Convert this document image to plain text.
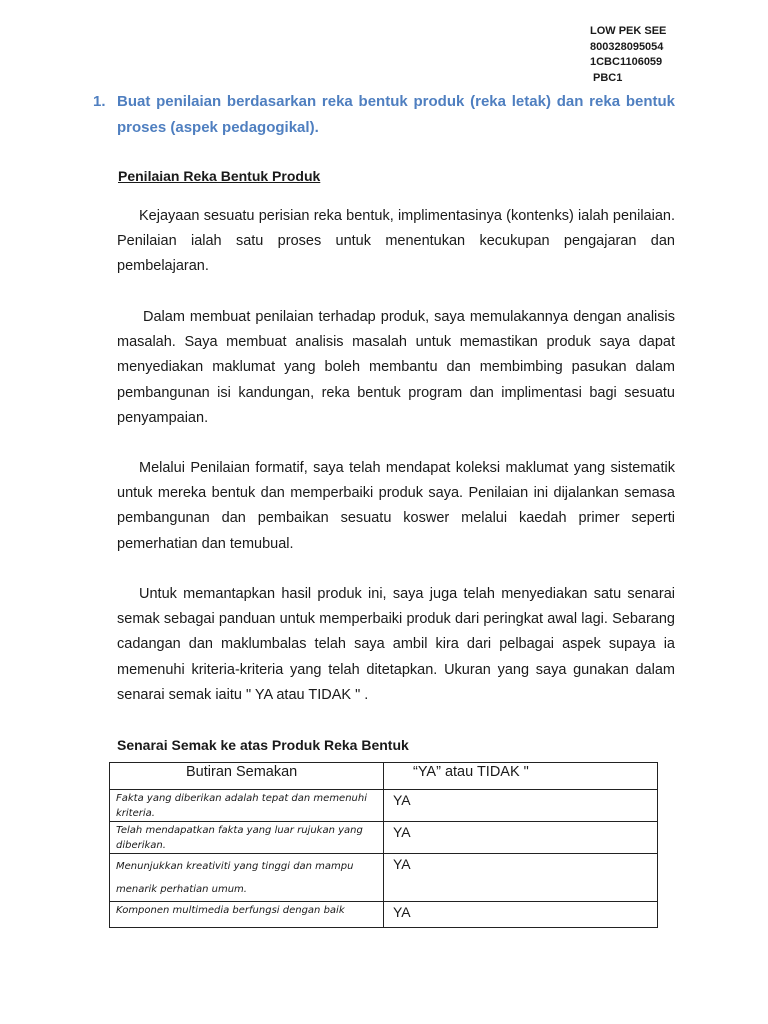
LOW PEK SEE
800328095054
1CBC1106059
PBC1
1. Buat penilaian berdasarkan reka bentuk produk (reka letak) dan reka bentuk proses (aspek pedagogikal).
Penilaian Reka Bentuk Produk

Kejayaan sesuatu perisian reka bentuk, implimentasinya (kontenks) ialah penilaian. Penilaian ialah satu proses untuk menentukan kecukupan pengajaran dan pembelajaran.

Dalam membuat penilaian terhadap produk, saya memulakannya dengan analisis masalah. Saya membuat analisis masalah untuk memastikan produk saya dapat menyediakan maklumat yang boleh membantu dan membimbing pasukan dalam pembangunan isi kandungan, reka bentuk program dan implimentasi bagi sesuatu penyampaian.

Melalui Penilaian formatif, saya telah mendapat koleksi maklumat yang sistematik untuk mereka bentuk dan memperbaiki produk saya. Penilaian ini dijalankan semasa pembangunan dan pembaikan sesuatu koswer melalui kaedah primer seperti pemerhatian dan temubual.

Untuk memantapkan hasil produk ini, saya juga telah menyediakan satu senarai semak sebagai panduan untuk memperbaiki produk dari peringkat awal lagi. Sebarang cadangan dan maklumbalas telah saya ambil kira dari pelbagai aspek supaya ia memenuhi kriteria-kriteria yang telah ditetapkan. Ukuran yang saya gunakan dalam senarai semak iaitu " YA atau TIDAK " .

Senarai Semak ke atas Produk Reka Bentuk
Butiran Semakan	“YA” atau TIDAK "
Fakta yang diberikan adalah tepat dan memenuhi kriteria.	YA
Telah mendapatkan fakta yang luar rujukan yang diberikan.	YA
Menunjukkan kreativiti yang tinggi dan mampu menarik perhatian umum.	YA
Komponen multimedia berfungsi dengan baik	YA
